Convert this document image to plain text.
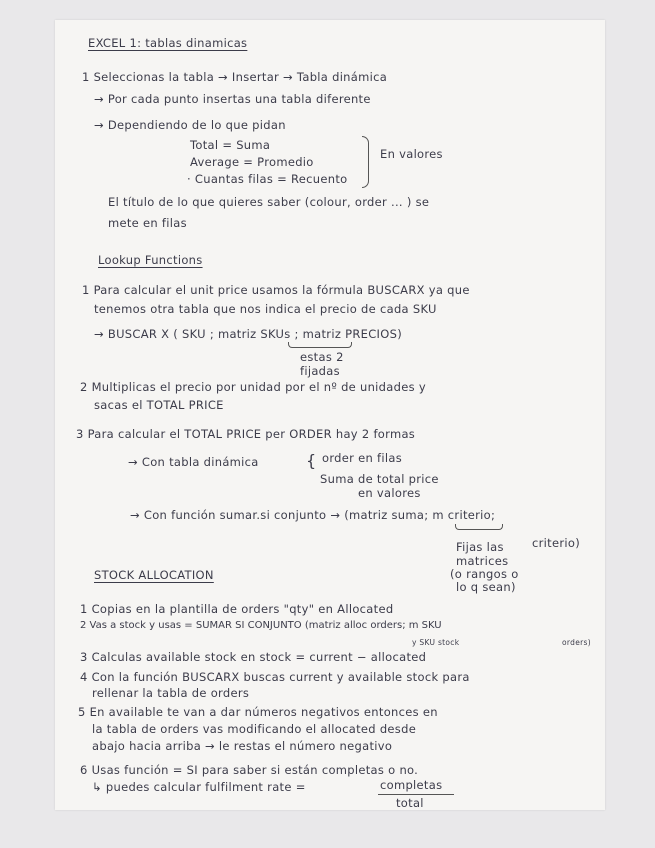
EXCEL 1: tablas dinamicas
1 Seleccionas la tabla → Insertar → Tabla dinámica
→ Por cada punto insertas una tabla diferente
→ Dependiendo de lo que pidan
Total = Suma
Average = Promedio
· Cuantas filas = Recuento
En valores
El título de lo que quieres saber (colour, order ... ) se
mete en filas
Lookup Functions
1 Para calcular el unit price usamos la fórmula BUSCARX ya que
tenemos otra tabla que nos indica el precio de cada SKU
→ BUSCAR X ( SKU ; matriz SKUs ; matriz PRECIOS)
estas 2
fijadas
2 Multiplicas el precio por unidad por el nº de unidades y
sacas el TOTAL PRICE
3 Para calcular el TOTAL PRICE per ORDER hay 2 formas
→ Con tabla dinámica	{ order en filas
Suma de total price
en valores
→ Con función sumar.si conjunto → (matriz suma; m criterio;
criterio)
Fijas las
matrices
(o rangos o
lo q sean)
STOCK ALLOCATION
1 Copias en la plantilla de orders "qty" en Allocated
2 Vas a stock y usas = SUMAR SI CONJUNTO (matriz alloc orders; m SKU
y SKU stock	orders)
3 Calculas available stock en stock = current − allocated
4 Con la función BUSCARX buscas current y available stock para
rellenar la tabla de orders
5 En available te van a dar números negativos entonces en
la tabla de orders vas modificando el allocated desde
abajo hacia arriba → le restas el número negativo
6 Usas función = SI para saber si están completas o no.
↳ puedes calcular fulfilment rate =	completas
total
